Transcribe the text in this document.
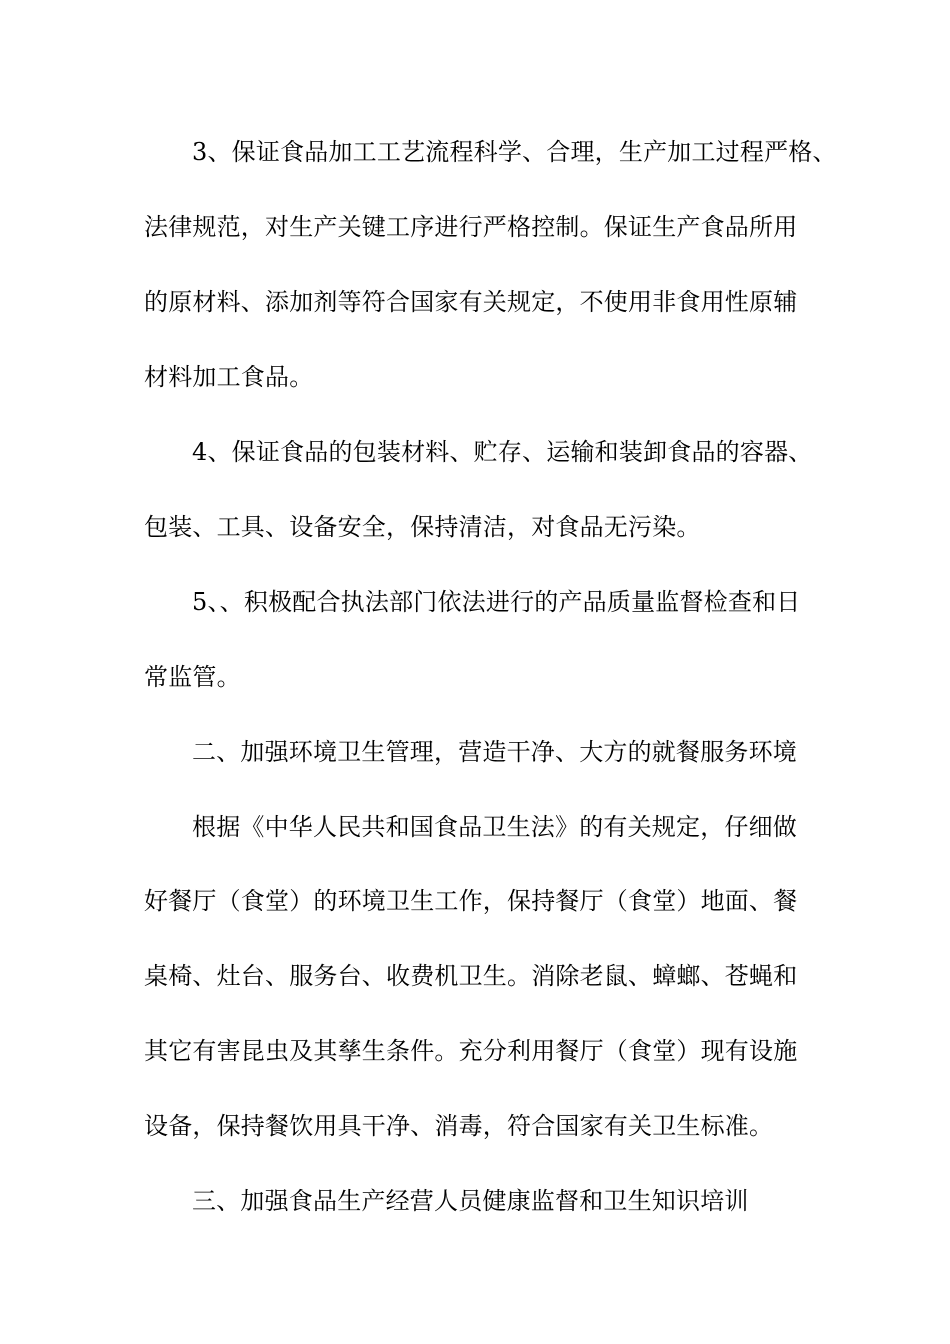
3、保证食品加工工艺流程科学、合理，生产加工过程严格、
法律规范，对生产关键工序进行严格控制。保证生产食品所用
的原材料、添加剂等符合国家有关规定，不使用非食用性原辅
材料加工食品。
4、保证食品的包装材料、贮存、运输和装卸食品的容器、
包装、工具、设备安全，保持清洁，对食品无污染。
5、、积极配合执法部门依法进行的产品质量监督检查和日
常监管。
二、加强环境卫生管理，营造干净、大方的就餐服务环境
根据《中华人民共和国食品卫生法》的有关规定，仔细做
好餐厅（食堂）的环境卫生工作，保持餐厅（食堂）地面、餐
桌椅、灶台、服务台、收费机卫生。消除老鼠、蟑螂、苍蝇和
其它有害昆虫及其孳生条件。充分利用餐厅（食堂）现有设施
设备，保持餐饮用具干净、消毒，符合国家有关卫生标准。
三、加强食品生产经营人员健康监督和卫生知识培训
